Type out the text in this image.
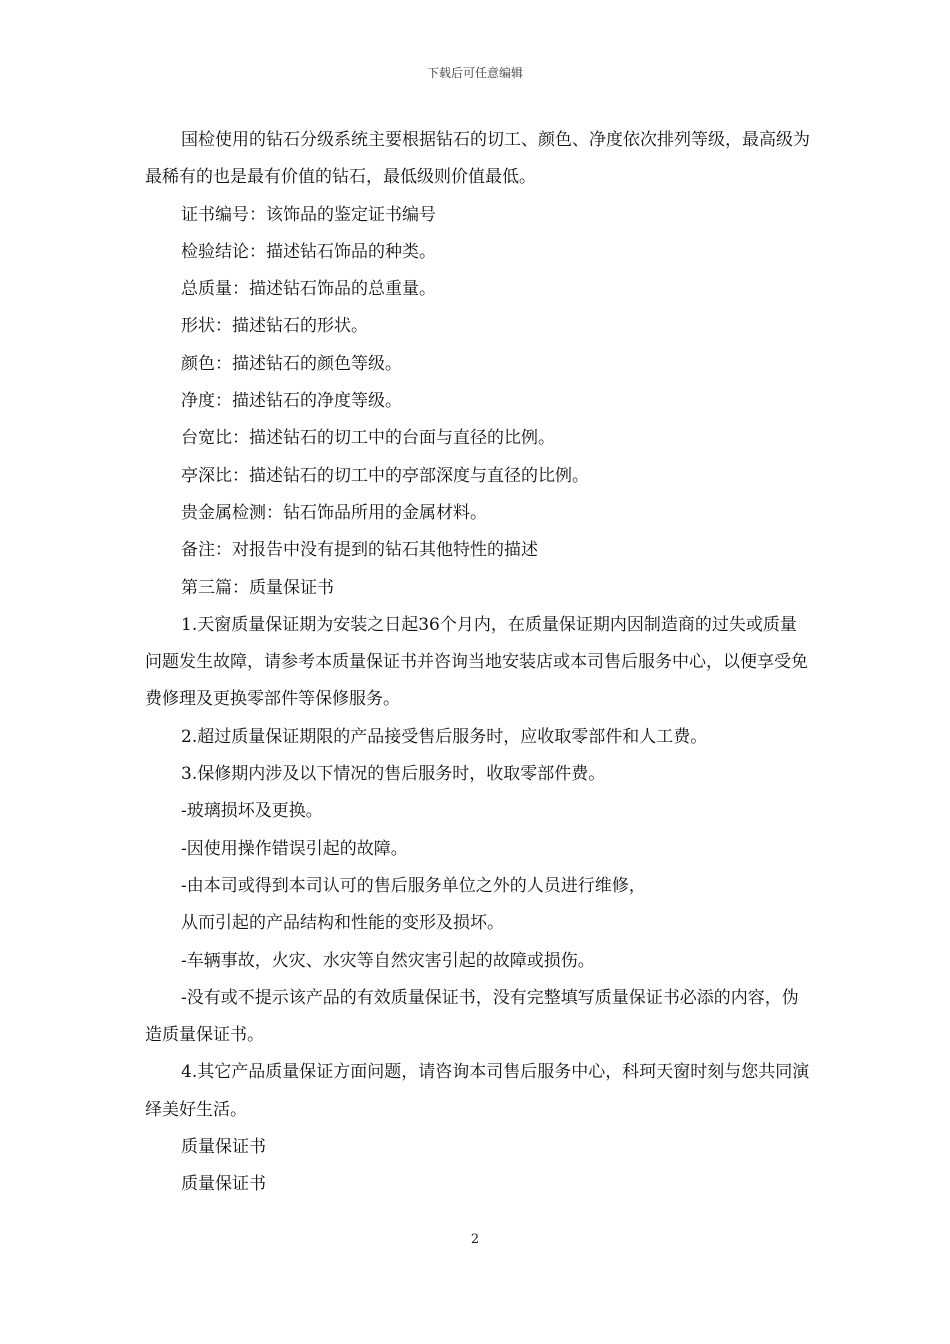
下载后可任意编辑

国检使用的钻石分级系统主要根据钻石的切工、颜色、净度依次排列等级，最高级为最稀有的也是最有价值的钻石，最低级则价值最低。

证书编号：该饰品的鉴定证书编号

检验结论：描述钻石饰品的种类。

总质量：描述钻石饰品的总重量。

形状：描述钻石的形状。

颜色：描述钻石的颜色等级。

净度：描述钻石的净度等级。

台宽比：描述钻石的切工中的台面与直径的比例。

亭深比：描述钻石的切工中的亭部深度与直径的比例。

贵金属检测：钻石饰品所用的金属材料。

备注：对报告中没有提到的钻石其他特性的描述

第三篇：质量保证书

1.天窗质量保证期为安装之日起36个月内，在质量保证期内因制造商的过失或质量问题发生故障，请参考本质量保证书并咨询当地安装店或本司售后服务中心，以便享受免费修理及更换零部件等保修服务。

2.超过质量保证期限的产品接受售后服务时，应收取零部件和人工费。

3.保修期内涉及以下情况的售后服务时，收取零部件费。

-玻璃损坏及更换。

-因使用操作错误引起的故障。

-由本司或得到本司认可的售后服务单位之外的人员进行维修，

从而引起的产品结构和性能的变形及损坏。

-车辆事故，火灾、水灾等自然灾害引起的故障或损伤。

-没有或不提示该产品的有效质量保证书，没有完整填写质量保证书必添的内容，伪造质量保证书。

4.其它产品质量保证方面问题，请咨询本司售后服务中心，科珂天窗时刻与您共同演绎美好生活。

质量保证书

质量保证书

2
